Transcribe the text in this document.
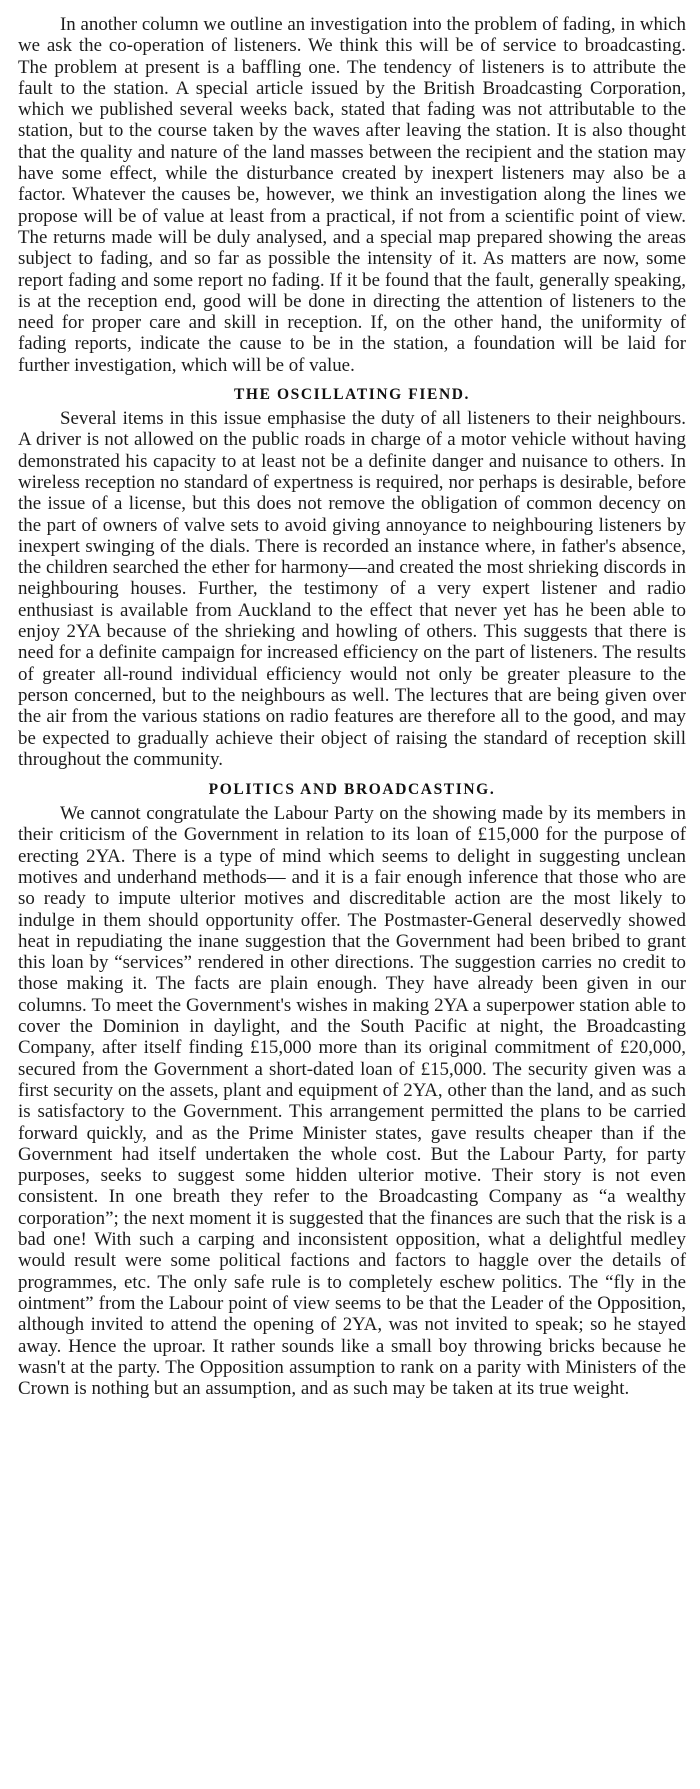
In another column we outline an investigation into the problem of fading, in which we ask the co-operation of listeners. We think this will be of service to broadcasting. The problem at present is a baffling one. The tendency of listeners is to attribute the fault to the station. A special article issued by the British Broadcasting Corporation, which we published several weeks back, stated that fading was not attributable to the station, but to the course taken by the waves after leaving the station. It is also thought that the quality and nature of the land masses between the recipient and the station may have some effect, while the disturbance created by inexpert listeners may also be a factor. Whatever the causes be, however, we think an investigation along the lines we propose will be of value at least from a practical, if not from a scientific point of view. The returns made will be duly analysed, and a special map prepared showing the areas subject to fading, and so far as possible the intensity of it. As matters are now, some report fading and some report no fading. If it be found that the fault, generally speaking, is at the reception end, good will be done in directing the attention of listeners to the need for proper care and skill in reception. If, on the other hand, the uniformity of fading reports, indicate the cause to be in the station, a foundation will be laid for further investigation, which will be of value.

THE OSCILLATING FIEND.

Several items in this issue emphasise the duty of all listeners to their neighbours. A driver is not allowed on the public roads in charge of a motor vehicle without having demonstrated his capacity to at least not be a definite danger and nuisance to others. In wireless reception no standard of expertness is required, nor perhaps is desirable, before the issue of a license, but this does not remove the obligation of common decency on the part of owners of valve sets to avoid giving annoyance to neighbouring listeners by inexpert swinging of the dials. There is recorded an instance where, in father's absence, the children searched the ether for harmony—and created the most shrieking discords in neighbouring houses. Further, the testimony of a very expert listener and radio enthusiast is available from Auckland to the effect that never yet has he been able to enjoy 2YA because of the shrieking and howling of others. This suggests that there is need for a definite campaign for increased efficiency on the part of listeners. The results of greater all-round individual efficiency would not only be greater pleasure to the person concerned, but to the neighbours as well. The lectures that are being given over the air from the various stations on radio features are therefore all to the good, and may be expected to gradually achieve their object of raising the standard of reception skill throughout the community.

POLITICS AND BROADCASTING.

We cannot congratulate the Labour Party on the showing made by its members in their criticism of the Government in relation to its loan of £15,000 for the purpose of erecting 2YA. There is a type of mind which seems to delight in suggesting unclean motives and underhand methods— and it is a fair enough inference that those who are so ready to impute ulterior motives and discreditable action are the most likely to indulge in them should opportunity offer. The Postmaster-General deservedly showed heat in repudiating the inane suggestion that the Government had been bribed to grant this loan by “services” rendered in other directions. The suggestion carries no credit to those making it. The facts are plain enough. They have already been given in our columns. To meet the Government's wishes in making 2YA a superpower station able to cover the Dominion in daylight, and the South Pacific at night, the Broadcasting Company, after itself finding £15,000 more than its original commitment of £20,000, secured from the Government a short-dated loan of £15,000. The security given was a first security on the assets, plant and equipment of 2YA, other than the land, and as such is satisfactory to the Government. This arrangement permitted the plans to be carried forward quickly, and as the Prime Minister states, gave results cheaper than if the Government had itself undertaken the whole cost. But the Labour Party, for party purposes, seeks to suggest some hidden ulterior motive. Their story is not even consistent. In one breath they refer to the Broadcasting Company as “a wealthy corporation”; the next moment it is suggested that the finances are such that the risk is a bad one! With such a carping and inconsistent opposition, what a delightful medley would result were some political factions and factors to haggle over the details of programmes, etc. The only safe rule is to completely eschew politics. The “fly in the ointment” from the Labour point of view seems to be that the Leader of the Opposition, although invited to attend the opening of 2YA, was not invited to speak; so he stayed away. Hence the uproar. It rather sounds like a small boy throwing bricks because he wasn't at the party. The Opposition assumption to rank on a parity with Ministers of the Crown is nothing but an assumption, and as such may be taken at its true weight.
